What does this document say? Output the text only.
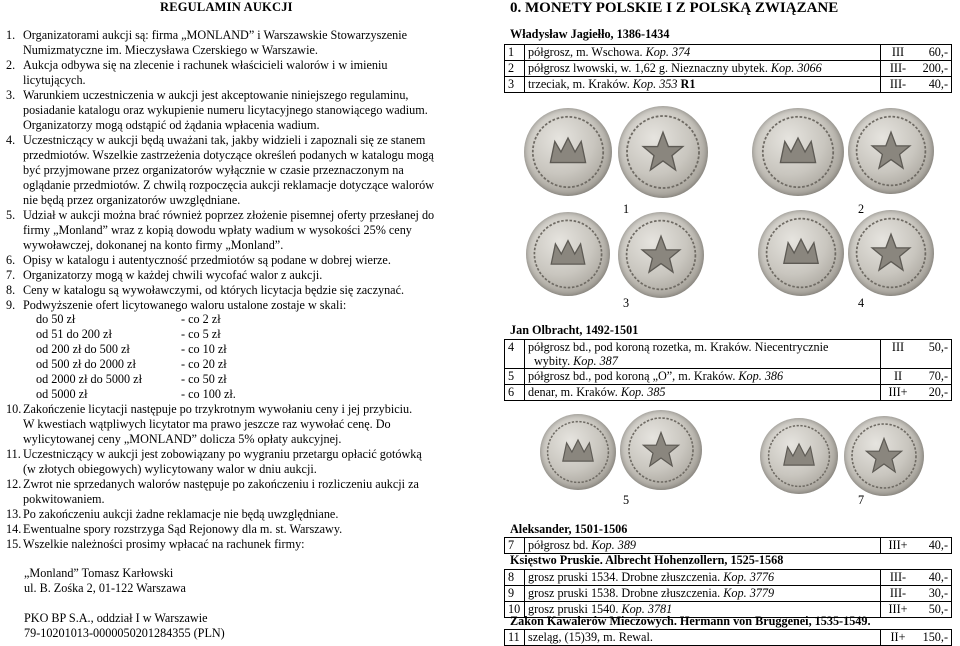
REGULAMIN AUKCJI
1. Organizatorami aukcji są: firma „MONLAND” i Warszawskie Stowarzyszenie
Numizmatyczne im. Mieczysława Czerskiego w Warszawie.
2. Aukcja odbywa się na zlecenie i rachunek właścicieli walorów i w imieniu
licytujących.
3. Warunkiem uczestniczenia w aukcji jest akceptowanie niniejszego regulaminu,
posiadanie katalogu oraz wykupienie numeru licytacyjnego stanowiącego wadium.
Organizatorzy mogą odstąpić od żądania wpłacenia wadium.
4. Uczestniczący w aukcji będą uważani tak, jakby widzieli i zapoznali się ze stanem
przedmiotów. Wszelkie zastrzeżenia dotyczące określeń podanych w katalogu mogą
być przyjmowane przez organizatorów wyłącznie w czasie przeznaczonym na
oglądanie przedmiotów. Z chwilą rozpoczęcia aukcji reklamacje dotyczące walorów
nie będą przez organizatorów uwzględniane.
5. Udział w aukcji można brać również poprzez złożenie pisemnej oferty przesłanej do
firmy „Monland” wraz z kopią dowodu wpłaty wadium w wysokości 25% ceny
wywoławczej, dokonanej na konto firmy „Monland”.
6. Opisy w katalogu i autentyczność przedmiotów są podane w dobrej wierze.
7. Organizatorzy mogą w każdej chwili wycofać walor z aukcji.
8. Ceny w katalogu są wywoławczymi, od których licytacja będzie się zaczynać.
9. Podwyższenie ofert licytowanego waloru ustalone zostaje w skali:
do 50 zł	- co 2 zł
od 51 do 200 zł	- co 5 zł
od 200 zł do 500 zł	- co 10 zł
od 500 zł do 2000 zł	- co 20 zł
od 2000 zł do 5000 zł	- co 50 zł
od 5000 zł	- co 100 zł.
10. Zakończenie licytacji następuje po trzykrotnym wywołaniu ceny i jej przybiciu.
W kwestiach wątpliwych licytator ma prawo jeszcze raz wywołać cenę. Do
wylicytowanej ceny „MONLAND” dolicza 5% opłaty aukcyjnej.
11. Uczestniczący w aukcji jest zobowiązany po wygraniu przetargu opłacić gotówką
(w złotych obiegowych) wylicytowany walor w dniu aukcji.
12. Zwrot nie sprzedanych walorów następuje po zakończeniu i rozliczeniu aukcji za
pokwitowaniem.
13. Po zakończeniu aukcji żadne reklamacje nie będą uwzględniane.
14. Ewentualne spory rozstrzyga Sąd Rejonowy dla m. st. Warszawy.
15. Wszelkie należności prosimy wpłacać na rachunek firmy:
„Monland” Tomasz Karłowski
ul. B. Zośka 2, 01-122 Warszawa
PKO BP S.A., oddział I w Warszawie
79-10201013-0000050201284355 (PLN)
0. MONETY POLSKIE I Z POLSKĄ ZWIĄZANE
Władysław Jagiełło, 1386-1434
1	półgrosz, m. Wschowa. Kop. 374	III	60,-
2	półgrosz lwowski, w. 1,62 g. Nieznaczny ubytek. Kop. 3066	III-	200,-
3	trzeciak, m. Kraków. Kop. 353 R1	III-	40,-
1	2
3	4
Jan Olbracht, 1492-1501
4	półgrosz bd., pod koroną rozetka, m. Kraków. Niecentrycznie
wybity. Kop. 387	III	50,-
5	półgrosz bd., pod koroną „O”, m. Kraków. Kop. 386	II	70,-
6	denar, m. Kraków. Kop. 385	III+	20,-
5	7
Aleksander, 1501-1506
7	półgrosz bd. Kop. 389	III+	40,-
Księstwo Pruskie. Albrecht Hohenzollern, 1525-1568
8	grosz pruski 1534. Drobne złuszczenia. Kop. 3776	III-	40,-
9	grosz pruski 1538. Drobne złuszczenia. Kop. 3779	III-	30,-
10	grosz pruski 1540. Kop. 3781	III+	50,-
Zakon Kawalerów Mieczowych. Hermann von Bruggenei, 1535-1549.
11	szeląg, (15)39, m. Rewal.	II+	150,-
